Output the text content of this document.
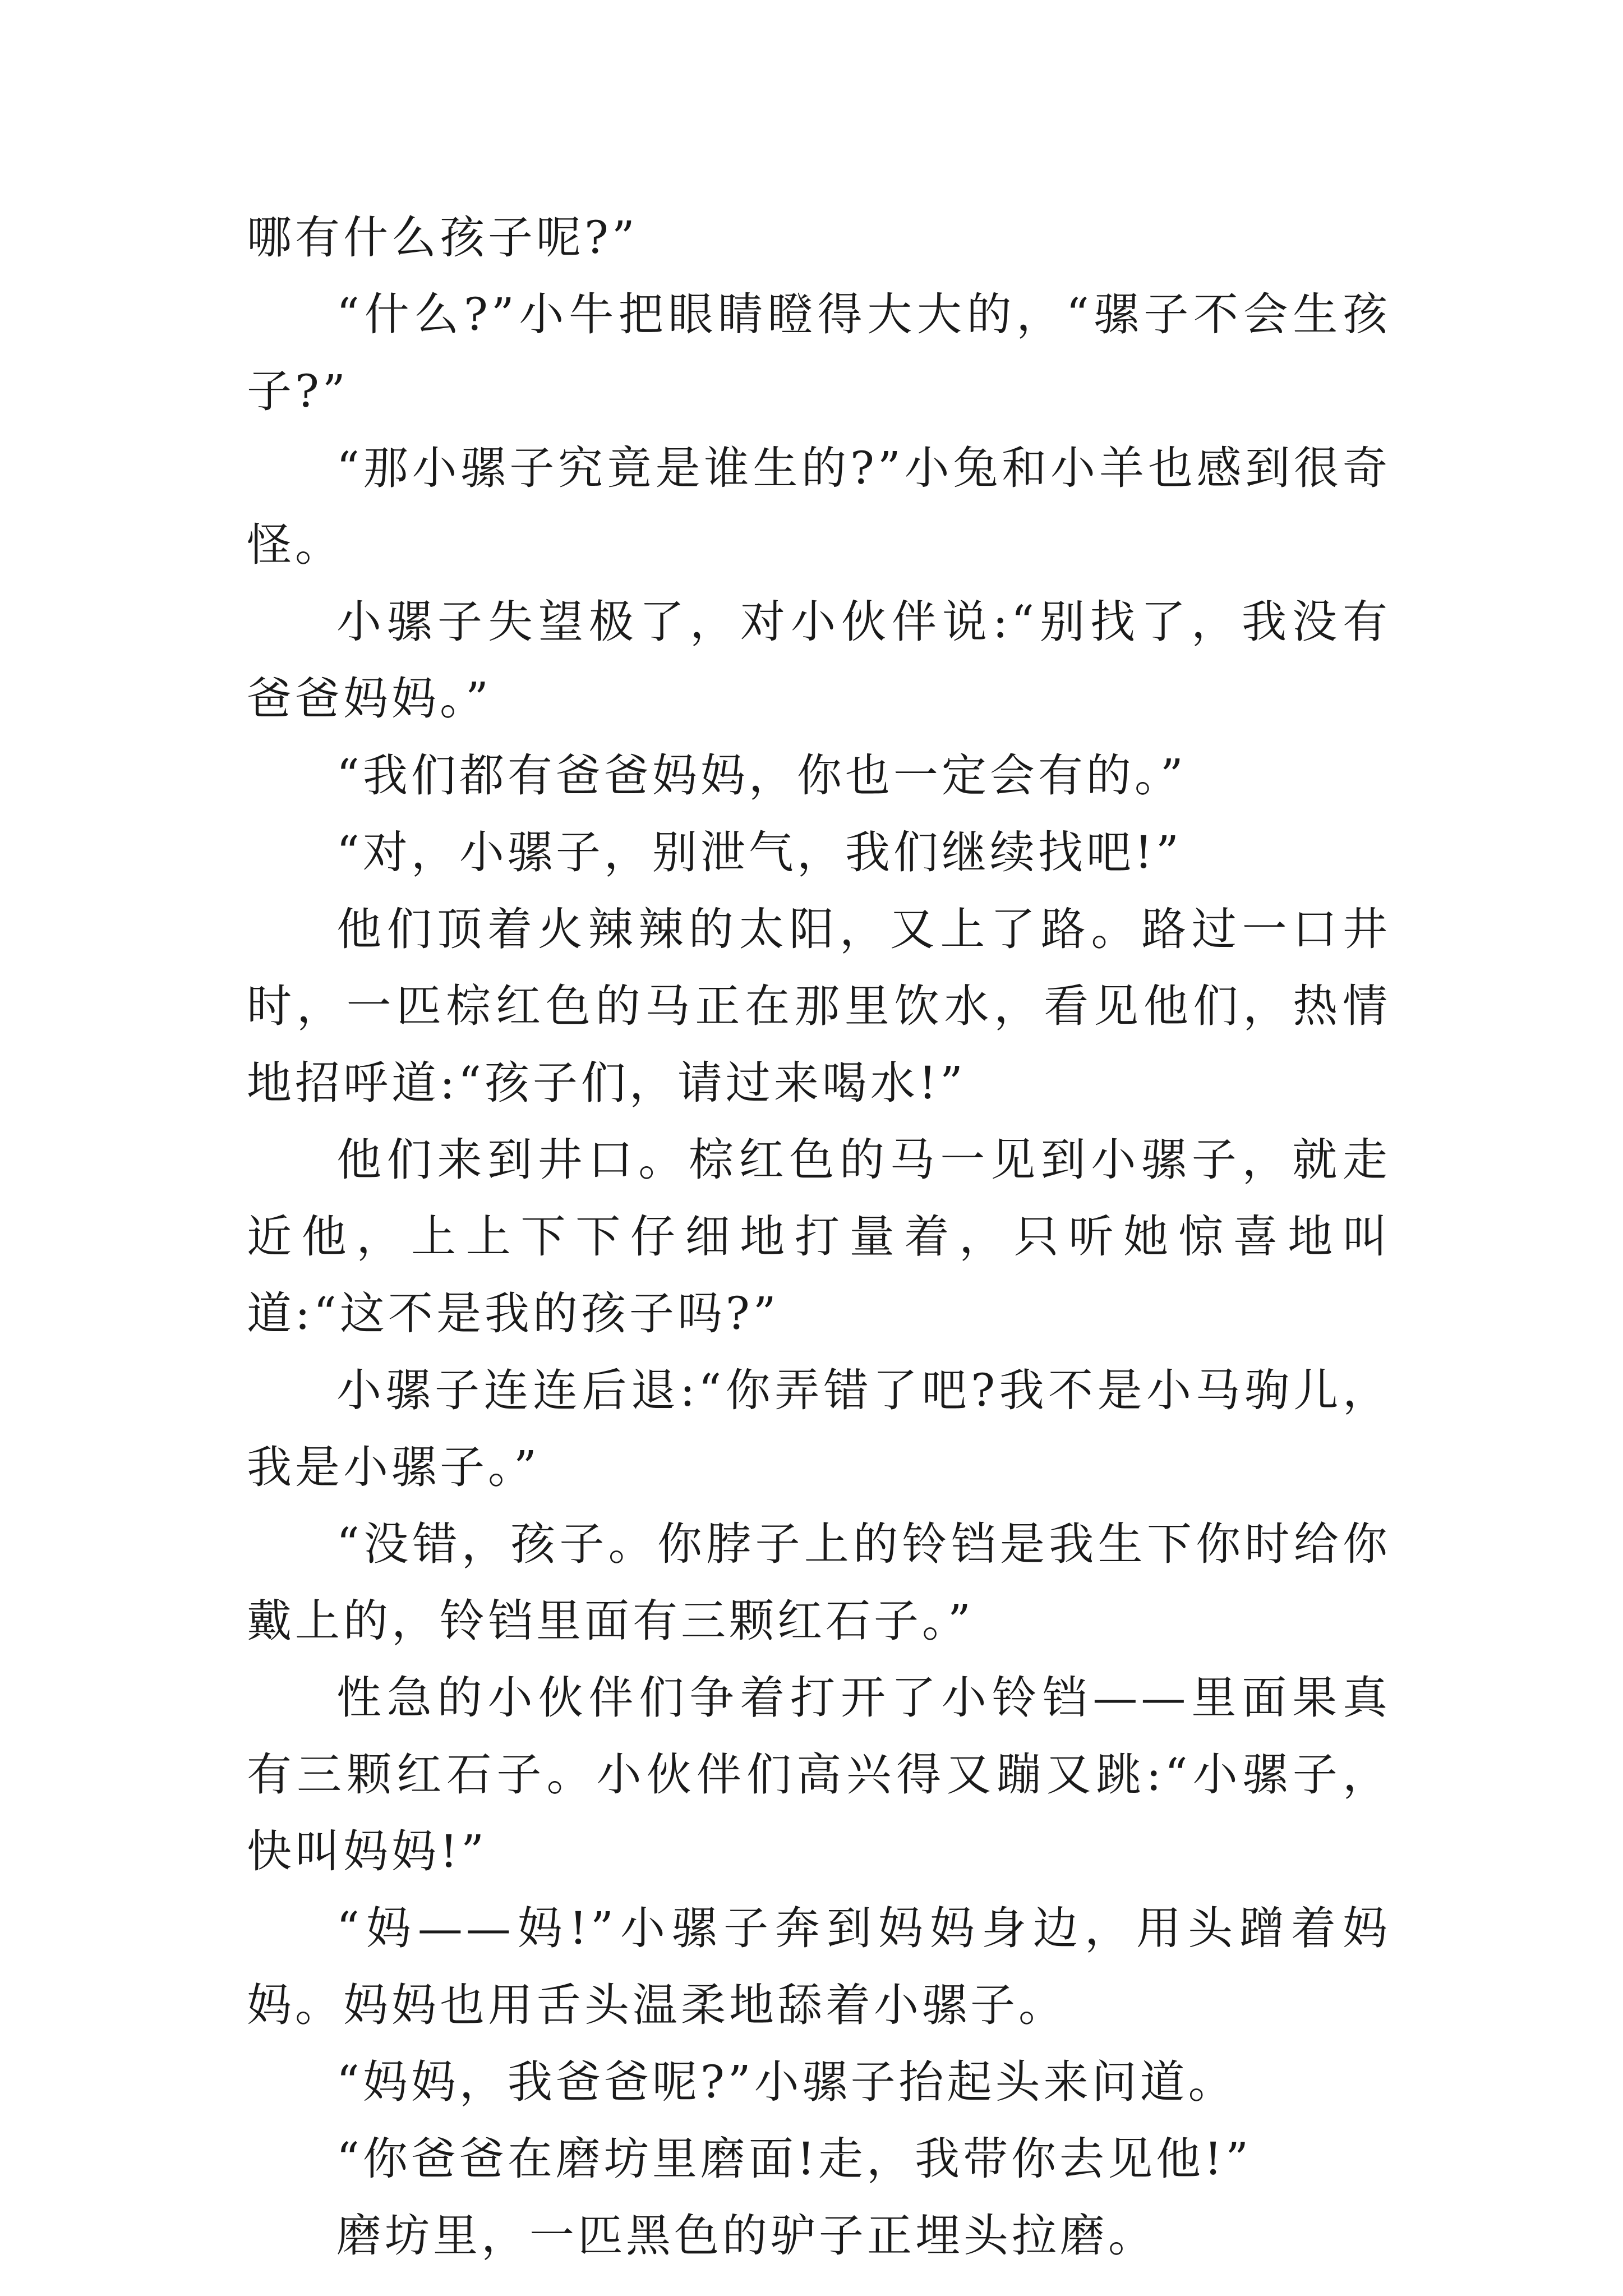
哪有什么孩子呢?”

“什么?”小牛把眼睛瞪得大大的，“骡子不会生孩子?”

“那小骡子究竟是谁生的?”小兔和小羊也感到很奇怪。

小骡子失望极了，对小伙伴说:“别找了，我没有爸爸妈妈。”

“我们都有爸爸妈妈，你也一定会有的。”

“对，小骡子，别泄气，我们继续找吧!”

他们顶着火辣辣的太阳，又上了路。路过一口井时，一匹棕红色的马正在那里饮水，看见他们，热情地招呼道:“孩子们，请过来喝水!”

他们来到井口。棕红色的马一见到小骡子，就走近他，上上下下仔细地打量着，只听她惊喜地叫道:“这不是我的孩子吗?”

小骡子连连后退:“你弄错了吧?我不是小马驹儿，我是小骡子。”

“没错，孩子。你脖子上的铃铛是我生下你时给你戴上的，铃铛里面有三颗红石子。”

性急的小伙伴们争着打开了小铃铛——里面果真有三颗红石子。小伙伴们高兴得又蹦又跳:“小骡子，快叫妈妈!”

“妈——妈!”小骡子奔到妈妈身边，用头蹭着妈妈。妈妈也用舌头温柔地舔着小骡子。

“妈妈，我爸爸呢?”小骡子抬起头来问道。

“你爸爸在磨坊里磨面!走，我带你去见他!”

磨坊里，一匹黑色的驴子正埋头拉磨。
